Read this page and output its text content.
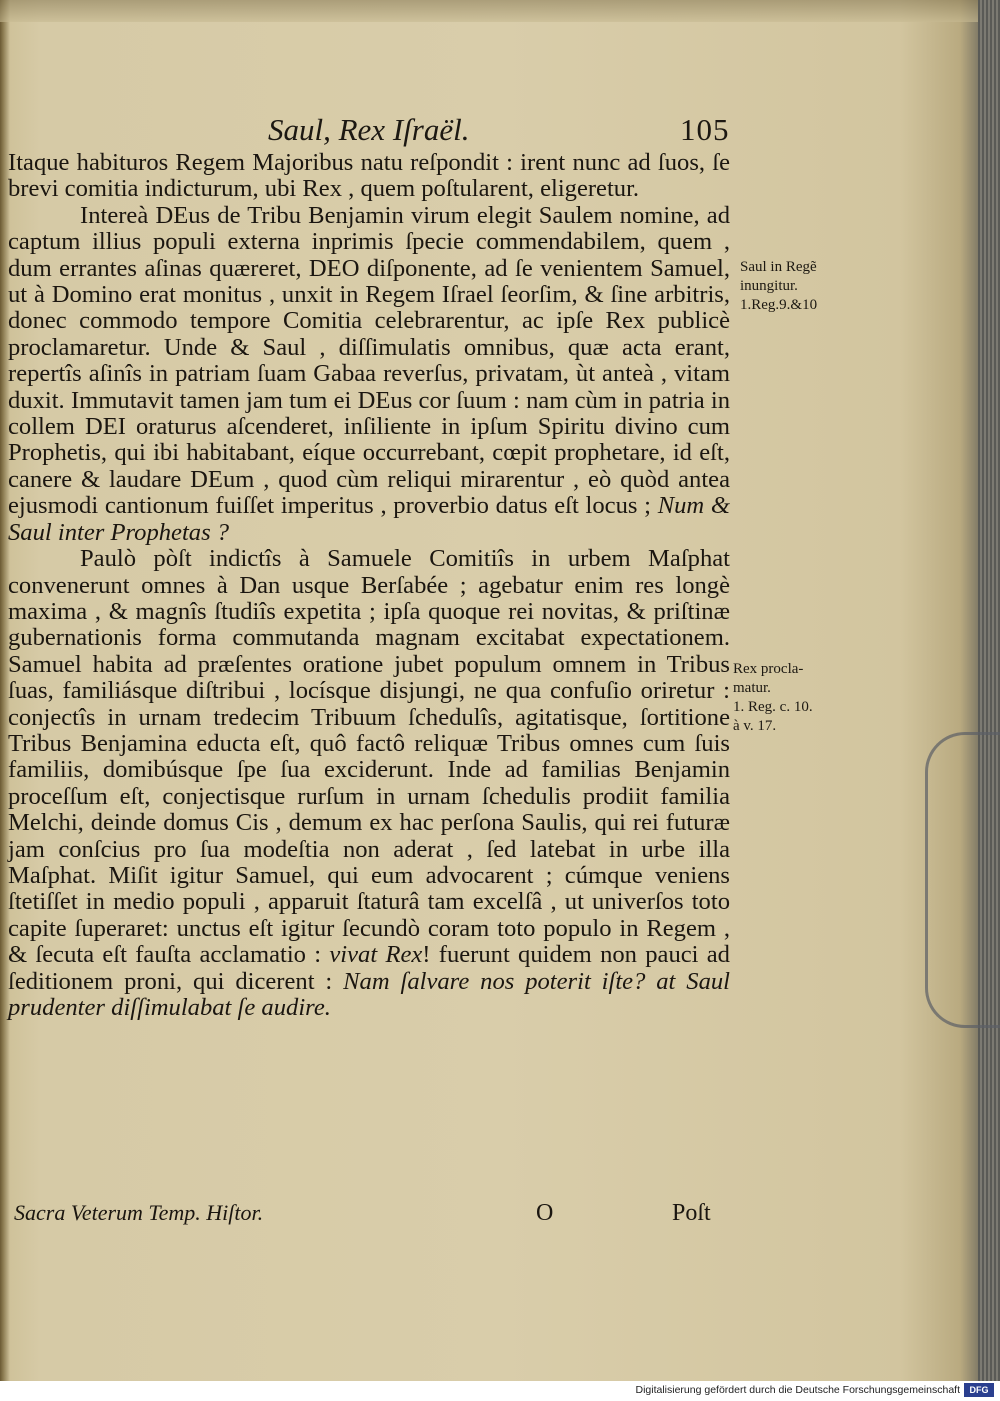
Saul, Rex Iſraël.	105

Itaque habituros Regem Majoribus natu reſpondit : irent nunc ad ſuos, ſe brevi comitia indicturum, ubi Rex , quem poſtularent, eligeretur.

Intereà DEus de Tribu Benjamin virum elegit Saulem nomine, ad captum illius populi externa inprimis ſpecie commendabilem, quem , dum errantes aſinas quæreret, DEO diſponente, ad ſe venientem Samuel, ut à Domino erat monitus , unxit in Regem Iſrael ſeorſim, & ſine arbitris, donec commodo tempore Comitia celebrarentur, ac ipſe Rex publicè proclamaretur. Unde & Saul , diſſimulatis omnibus, quæ acta erant, repertîs aſinîs in patriam ſuam Gabaa reverſus, privatam, ùt anteà , vitam duxit. Immutavit tamen jam tum ei DEus cor ſuum : nam cùm in patria in collem DEI oraturus aſcenderet, inſiliente in ipſum Spiritu divino cum Prophetis, qui ibi habitabant, eíque occurrebant, cœpit prophetare, id eſt, canere & laudare DEum , quod cùm reliqui mirarentur , eò quòd antea ejusmodi cantionum fuiſſet imperitus , proverbio datus eſt locus ; Num & Saul inter Prophetas ?

Paulò pòſt indictîs à Samuele Comitiîs in urbem Maſphat convenerunt omnes à Dan usque Berſabée ; agebatur enim res longè maxima , & magnîs ſtudiîs expetita ; ipſa quoque rei novitas, & priſtinæ gubernationis forma commutanda magnam excitabat expectationem. Samuel habita ad præſentes oratione jubet populum omnem in Tribus ſuas, familiásque diſtribui , locísque disjungi, ne qua confuſio oriretur : conjectîs in urnam tredecim Tribuum ſchedulîs, agitatisque, ſortitione Tribus Benjamina educta eſt, quô factô reliquæ Tribus omnes cum ſuis familiis, domibúsque ſpe ſua exciderunt. Inde ad familias Benjamin proceſſum eſt, conjectisque rurſum in urnam ſchedulis prodiit familia Melchi, deinde domus Cis , demum ex hac perſona Saulis, qui rei futuræ jam conſcius pro ſua modeſtia non aderat , ſed latebat in urbe illa Maſphat. Miſit igitur Samuel, qui eum advocarent ; cúmque veniens ſtetiſſet in medio populi , apparuit ſtaturâ tam excelſâ , ut univerſos toto capite ſuperaret: unctus eſt igitur ſecundò coram toto populo in Regem , & ſecuta eſt fauſta acclamatio : vivat Rex! fuerunt quidem non pauci ad ſeditionem proni, qui dicerent : Nam ſalvare nos poterit iſte? at Saul prudenter diſſimulabat ſe audire.

Saul in Regẽ
inungitur.
1.Reg.9.&10
Rex procla-
matur.
1. Reg. c. 10.
à v. 17.
Sacra Veterum Temp. Hiſtor.	O	Poſt
Digitalisierung gefördert durch die Deutsche Forschungsgemeinschaft	DFG
